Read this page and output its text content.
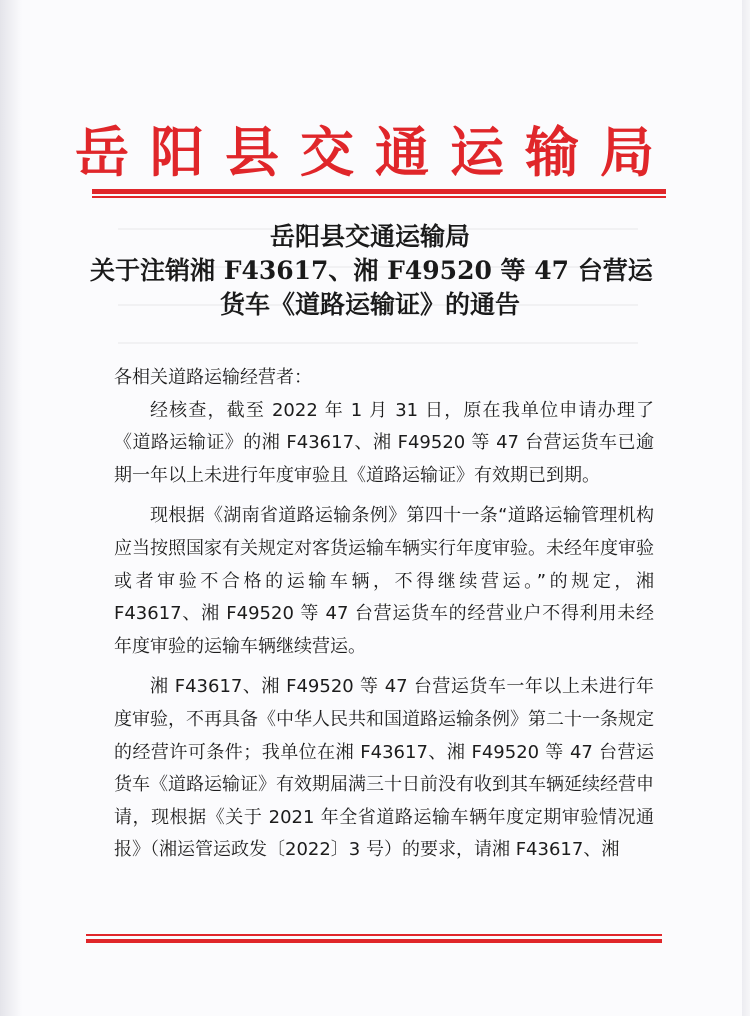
岳阳县交通运输局
岳阳县交通运输局
关于注销湘 F43617、湘 F49520 等 47 台营运
货车《道路运输证》的通告

各相关道路运输经营者：

经核查，截至 2022 年 1 月 31 日，原在我单位申请办理了《道路运输证》的湘 F43617、湘 F49520 等 47 台营运货车已逾期一年以上未进行年度审验且《道路运输证》有效期已到期。

现根据《湖南省道路运输条例》第四十一条“道路运输管理机构应当按照国家有关规定对客货运输车辆实行年度审验。未经年度审验或者审验不合格的运输车辆，不得继续营运。”的规定，湘 F43617、湘 F49520 等 47 台营运货车的经营业户不得利用未经年度审验的运输车辆继续营运。

湘 F43617、湘 F49520 等 47 台营运货车一年以上未进行年度审验，不再具备《中华人民共和国道路运输条例》第二十一条规定的经营许可条件；我单位在湘 F43617、湘 F49520 等 47 台营运货车《道路运输证》有效期届满三十日前没有收到其车辆延续经营申请，现根据《关于 2021 年全省道路运输车辆年度定期审验情况通报》（湘运管运政发〔2022〕3 号）的要求，请湘 F43617、湘
